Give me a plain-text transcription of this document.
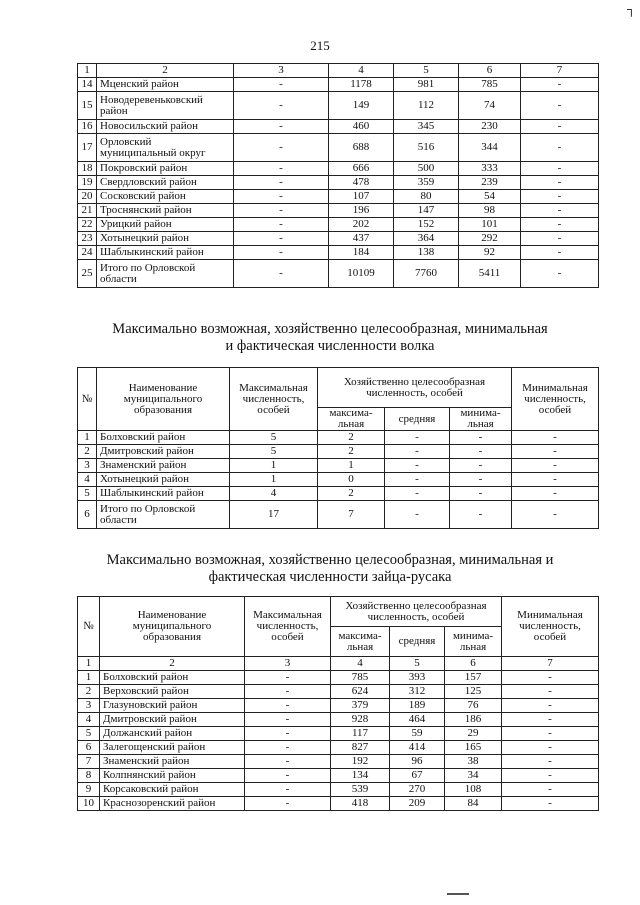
215
┐
1	2	3	4	5	6	7
14	Мценский район	-	1178	981	785	-
15	Новодеревеньковский район	-	149	112	74	-
16	Новосильский район	-	460	345	230	-
17	Орловский муниципальный округ	-	688	516	344	-
18	Покровский район	-	666	500	333	-
19	Свердловский район	-	478	359	239	-
20	Сосковский район	-	107	80	54	-
21	Троснянский район	-	196	147	98	-
22	Урицкий район	-	202	152	101	-
23	Хотынецкий район	-	437	364	292	-
24	Шаблыкинский район	-	184	138	92	-
25	Итого по Орловской области	-	10109	7760	5411	-
Максимально возможная, хозяйственно целесообразная, минимальная
и фактическая численности волка
№	Наименование муниципального образования	Максимальная численность, особей	Хозяйственно целесообразная численность, особей			Минимальная численность, особей
			максима-льная	средняя	минима-льная	
1	Болховский район	5	2	-	-	-
2	Дмитровский район	5	2	-	-	-
3	Знаменский район	1	1	-	-	-
4	Хотынецкий район	1	0	-	-	-
5	Шаблыкинский район	4	2	-	-	-
6	Итого по Орловской области	17	7	-	-	-
Максимально возможная, хозяйственно целесообразная, минимальная и
фактическая численности зайца-русака
№	Наименование муниципального образования	Максимальная численность, особей	Хозяйственно целесообразная численность, особей			Минимальная численность, особей
			максима-льная	средняя	минима-льная	
1	2	3	4	5	6	7
1	Болховский район	-	785	393	157	-
2	Верховский район	-	624	312	125	-
3	Глазуновский район	-	379	189	76	-
4	Дмитровский район	-	928	464	186	-
5	Должанский район	-	117	59	29	-
6	Залегощенский район	-	827	414	165	-
7	Знаменский район	-	192	96	38	-
8	Колпнянский район	-	134	67	34	-
9	Корсаковский район	-	539	270	108	-
10	Краснозоренский район	-	418	209	84	-
